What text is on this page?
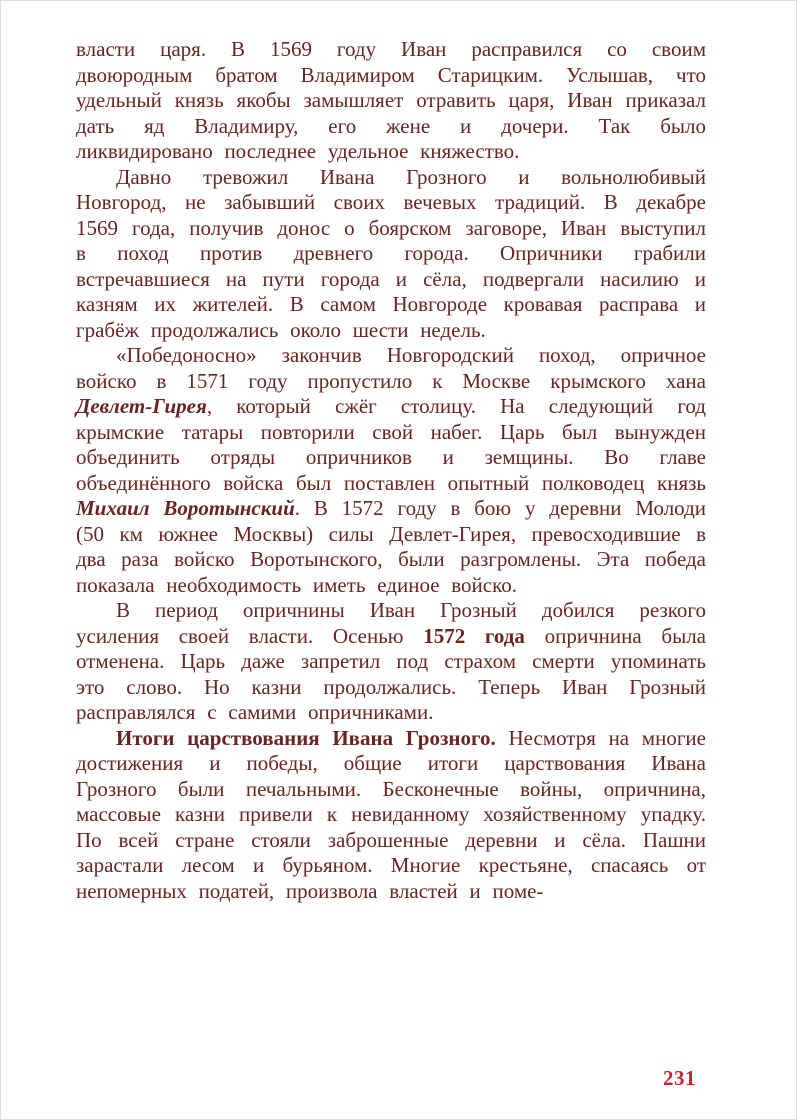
власти царя. В 1569 году Иван расправился со своим двоюродным братом Владимиром Старицким. Услышав, что удельный князь якобы замышляет отравить царя, Иван приказал дать яд Владимиру, его жене и дочери. Так было ликвидировано последнее удельное княжество.

Давно тревожил Ивана Грозного и вольнолюбивый Новгород, не забывший своих вечевых традиций. В декабре 1569 года, получив донос о боярском заговоре, Иван выступил в поход против древнего города. Опричники грабили встречавшиеся на пути города и сёла, подвергали насилию и казням их жителей. В самом Новгороде кровавая расправа и грабёж продолжались около шести недель.

«Победоносно» закончив Новгородский поход, опричное войско в 1571 году пропустило к Москве крымского хана Девлет-Гирея, который сжёг столицу. На следующий год крымские татары повторили свой набег. Царь был вынужден объединить отряды опричников и земщины. Во главе объединённого войска был поставлен опытный полководец князь Михаил Воротынский. В 1572 году в бою у деревни Молоди (50 км южнее Москвы) силы Девлет-Гирея, превосходившие в два раза войско Воротынского, были разгромлены. Эта победа показала необходимость иметь единое войско.

В период опричнины Иван Грозный добился резкого усиления своей власти. Осенью 1572 года опричнина была отменена. Царь даже запретил под страхом смерти упоминать это слово. Но казни продолжались. Теперь Иван Грозный расправлялся с самими опричниками.

Итоги царствования Ивана Грозного. Несмотря на многие достижения и победы, общие итоги царствования Ивана Грозного были печальными. Бесконечные войны, опричнина, массовые казни привели к невиданному хозяйственному упадку. По всей стране стояли заброшенные деревни и сёла. Пашни зарастали лесом и бурьяном. Многие крестьяне, спасаясь от непомерных податей, произвола властей и поме-

231
